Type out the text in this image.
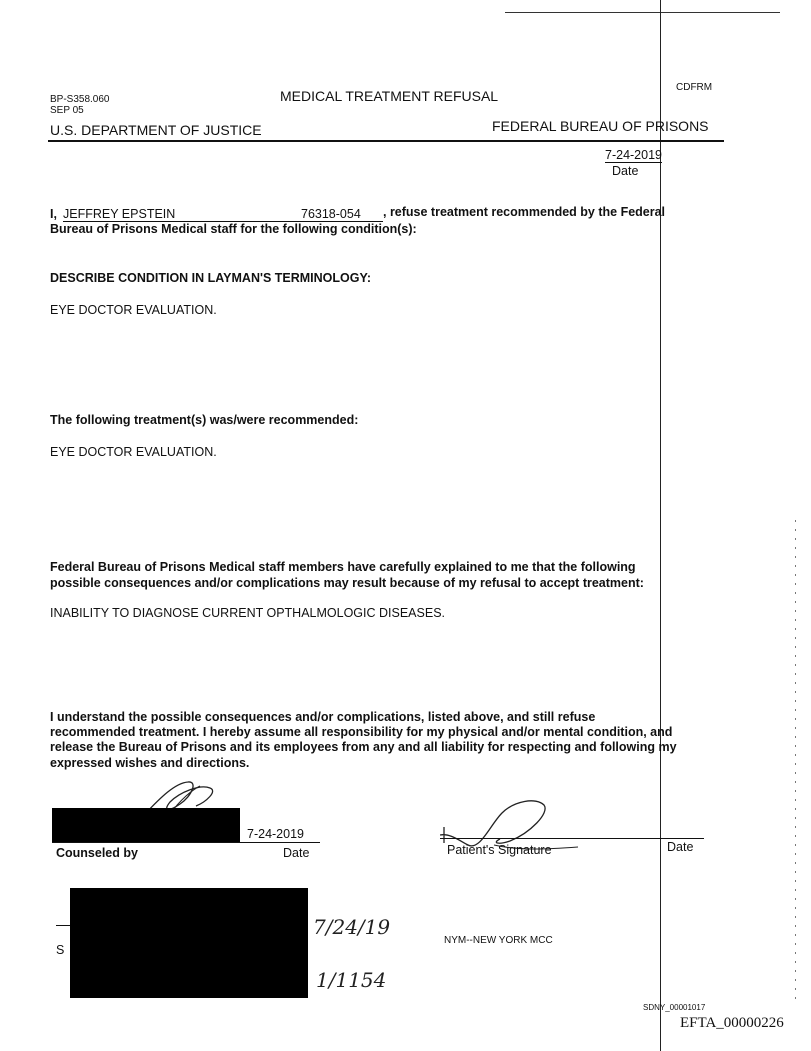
BP-S358.060
SEP 05
MEDICAL TREATMENT REFUSAL
CDFRM
U.S. DEPARTMENT OF JUSTICE	FEDERAL BUREAU OF PRISONS
7-24-2019
Date
I, JEFFREY EPSTEIN	76318-054	, refuse treatment recommended by the Federal
Bureau of Prisons Medical staff for the following condition(s):
DESCRIBE CONDITION IN LAYMAN'S TERMINOLOGY:
EYE DOCTOR EVALUATION.
The following treatment(s) was/were recommended:
EYE DOCTOR EVALUATION.
Federal Bureau of Prisons Medical staff members have carefully explained to me that the following
possible consequences and/or complications may result because of my refusal to accept treatment:
INABILITY TO DIAGNOSE CURRENT OPTHALMOLOGIC DISEASES.
I understand the possible consequences and/or complications, listed above, and still refuse
recommended treatment. I hereby assume all responsibility for my physical and/or mental condition, and
release the Bureau of Prisons and its employees from any and all liability for respecting and following my
expressed wishes and directions.
7-24-2019
Counseled by	Date	Patient's Signature	Date
S
7/24/19
1/1154
NYM--NEW YORK MCC
SDNY_00001017
EFTA_00000226
